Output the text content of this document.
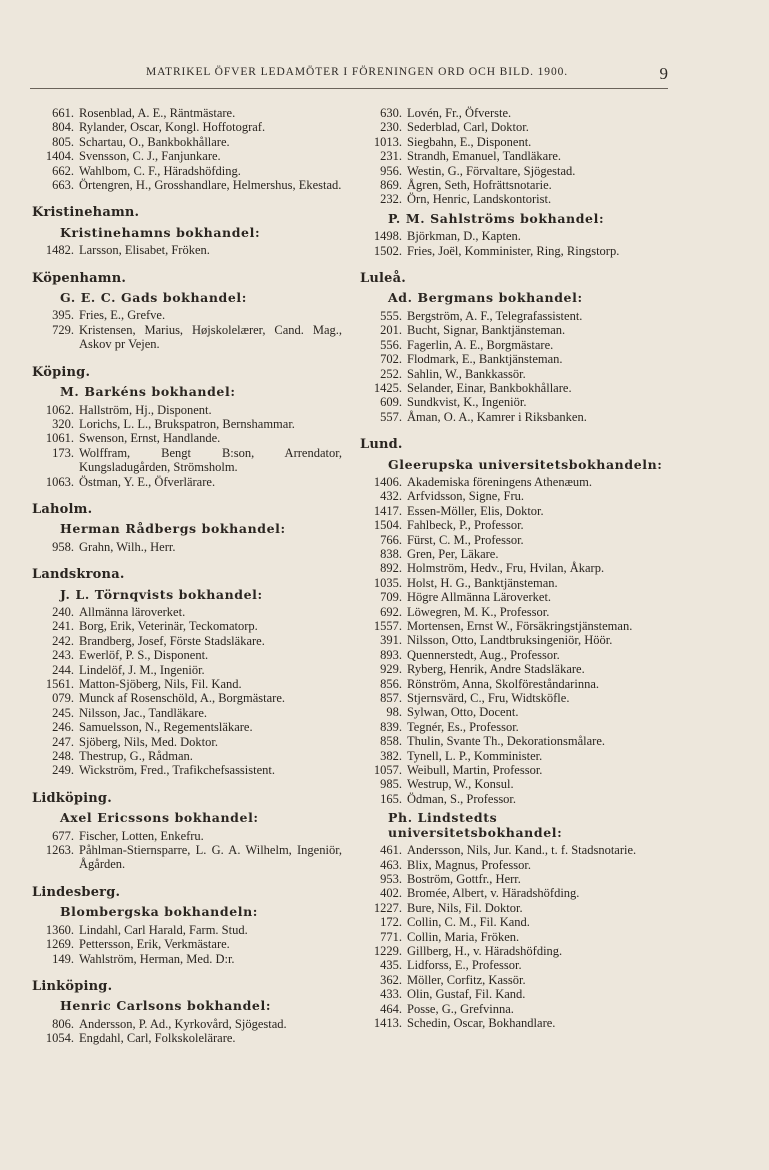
MATRIKEL ÖFVER LEDAMÖTER I FÖRENINGEN ORD OCH BILD. 1900.	9
661. Rosenblad, A. E., Räntmästare.
804. Rylander, Oscar, Kongl. Hoffotograf.
805. Schartau, O., Bankbokhållare.
1404. Svensson, C. J., Fanjunkare.
662. Wahlbom, C. F., Häradshöfding.
663. Örtengren, H., Grosshandlare, Helmershus, Ekestad.
Kristinehamn.
Kristinehamns bokhandel:
1482. Larsson, Elisabet, Fröken.
Köpenhamn.
G. E. C. Gads bokhandel:
395. Fries, E., Grefve.
729. Kristensen, Marius, Højskolelærer, Cand. Mag., Askov pr Vejen.
Köping.
M. Barkéns bokhandel:
1062. Hallström, Hj., Disponent.
320. Lorichs, L. L., Brukspatron, Bernshammar.
1061. Swenson, Ernst, Handlande.
173. Wolffram, Bengt B:son, Arrendator, Kungsladugården, Strömsholm.
1063. Östman, Y. E., Öfverlärare.
Laholm.
Herman Rådbergs bokhandel:
958. Grahn, Wilh., Herr.
Landskrona.
J. L. Törnqvists bokhandel:
240. Allmänna läroverket.
241. Borg, Erik, Veterinär, Teckomatorp.
242. Brandberg, Josef, Förste Stadsläkare.
243. Ewerlöf, P. S., Disponent.
244. Lindelöf, J. M., Ingeniör.
1561. Matton-Sjöberg, Nils, Fil. Kand.
079. Munck af Rosenschöld, A., Borgmästare.
245. Nilsson, Jac., Tandläkare.
246. Samuelsson, N., Regementsläkare.
247. Sjöberg, Nils, Med. Doktor.
248. Thestrup, G., Rådman.
249. Wickström, Fred., Trafikchefsassistent.
Lidköping.
Axel Ericssons bokhandel:
677. Fischer, Lotten, Enkefru.
1263. Påhlman-Stiernsparre, L. G. A. Wilhelm, Ingeniör, Ågården.
Lindesberg.
Blombergska bokhandeln:
1360. Lindahl, Carl Harald, Farm. Stud.
1269. Pettersson, Erik, Verkmästare.
149. Wahlström, Herman, Med. D:r.
Linköping.
Henric Carlsons bokhandel:
806. Andersson, P. Ad., Kyrkovård, Sjögestad.
1054. Engdahl, Carl, Folkskolelärare.
630. Lovén, Fr., Öfverste.
230. Sederblad, Carl, Doktor.
1013. Siegbahn, E., Disponent.
231. Strandh, Emanuel, Tandläkare.
956. Westin, G., Förvaltare, Sjögestad.
869. Ågren, Seth, Hofrättsnotarie.
232. Örn, Henric, Landskontorist.
P. M. Sahlströms bokhandel:
1498. Björkman, D., Kapten.
1502. Fries, Joël, Komminister, Ring, Ringstorp.
Luleå.
Ad. Bergmans bokhandel:
555. Bergström, A. F., Telegrafassistent.
201. Bucht, Signar, Banktjänsteman.
556. Fagerlin, A. E., Borgmästare.
702. Flodmark, E., Banktjänsteman.
252. Sahlin, W., Bankkassör.
1425. Selander, Einar, Bankbokhållare.
609. Sundkvist, K., Ingeniör.
557. Åman, O. A., Kamrer i Riksbanken.
Lund.
Gleerupska universitetsbokhandeln:
1406. Akademiska föreningens Athenæum.
432. Arfvidsson, Signe, Fru.
1417. Essen-Möller, Elis, Doktor.
1504. Fahlbeck, P., Professor.
766. Fürst, C. M., Professor.
838. Gren, Per, Läkare.
892. Holmström, Hedv., Fru, Hvilan, Åkarp.
1035. Holst, H. G., Banktjänsteman.
709. Högre Allmänna Läroverket.
692. Löwegren, M. K., Professor.
1557. Mortensen, Ernst W., Försäkringstjänsteman.
391. Nilsson, Otto, Landtbruksingeniör, Höör.
893. Quennerstedt, Aug., Professor.
929. Ryberg, Henrik, Andre Stadsläkare.
856. Rönström, Anna, Skolföreståndarinna.
857. Stjernsvärd, C., Fru, Widtsköfle.
98. Sylwan, Otto, Docent.
839. Tegnér, Es., Professor.
858. Thulin, Svante Th., Dekorationsmålare.
382. Tynell, L. P., Komminister.
1057. Weibull, Martin, Professor.
985. Westrup, W., Konsul.
165. Ödman, S., Professor.
Ph. Lindstedts universitetsbokhandel:
461. Andersson, Nils, Jur. Kand., t. f. Stadsnotarie.
463. Blix, Magnus, Professor.
953. Boström, Gottfr., Herr.
402. Bromée, Albert, v. Häradshöfding.
1227. Bure, Nils, Fil. Doktor.
172. Collin, C. M., Fil. Kand.
771. Collin, Maria, Fröken.
1229. Gillberg, H., v. Häradshöfding.
435. Lidforss, E., Professor.
362. Möller, Corfitz, Kassör.
433. Olin, Gustaf, Fil. Kand.
464. Posse, G., Grefvinna.
1413. Schedin, Oscar, Bokhandlare.
